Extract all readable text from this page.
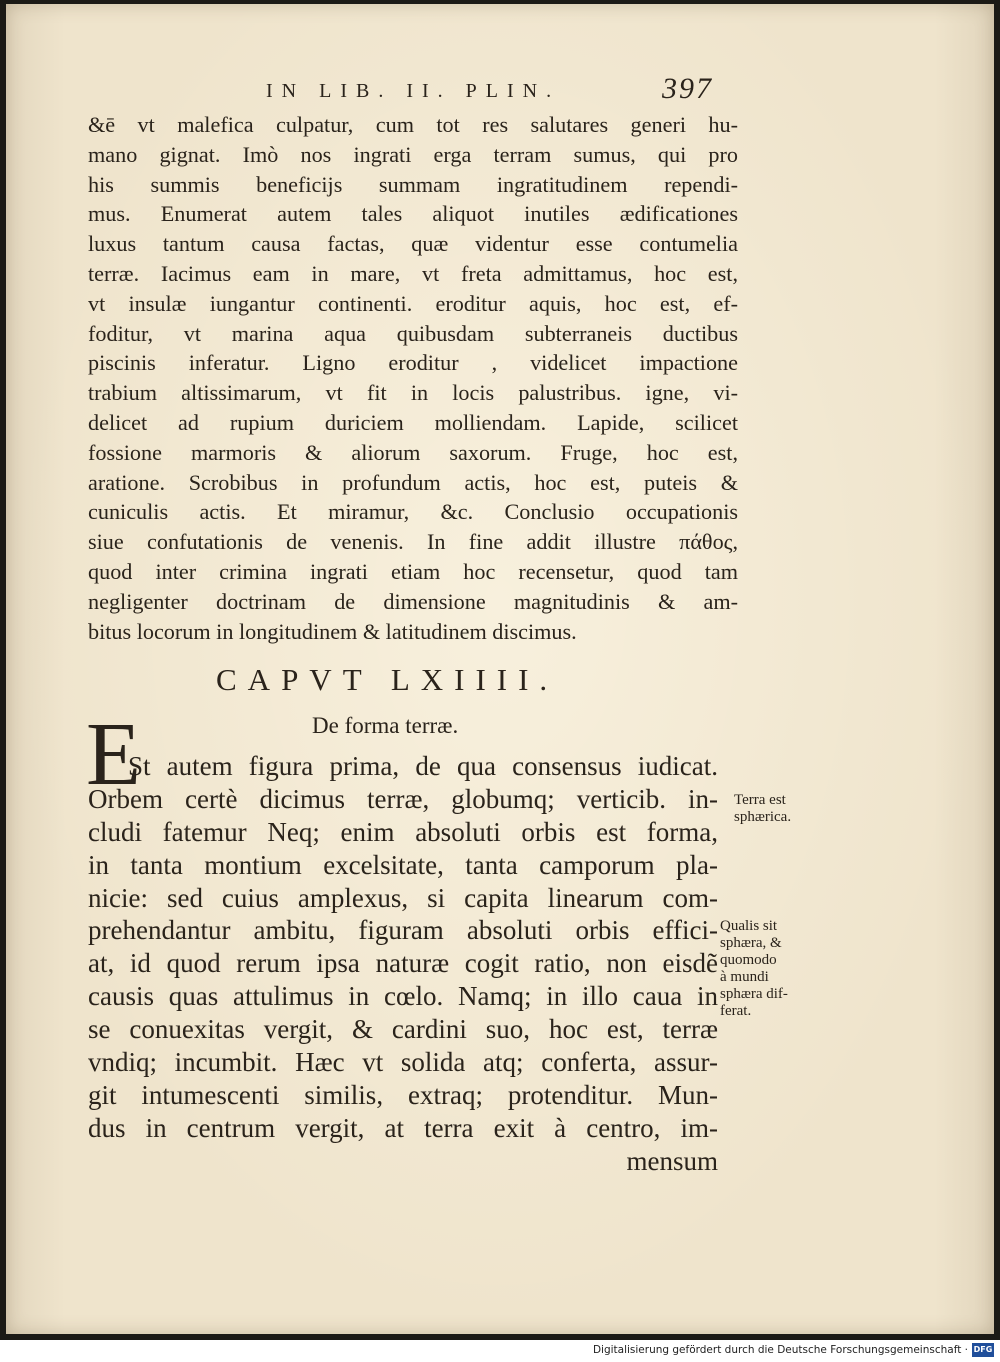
IN LIB. II. PLIN.	397
&ē vt malefica culpatur, cum tot res salutares generi hu-
mano gignat. Imò nos ingrati erga terram sumus, qui pro
his summis beneficijs summam ingratitudinem rependi-
mus. Enumerat autem tales aliquot inutiles ædificationes
luxus tantum causa factas, quæ videntur esse contumelia
terræ. Iacimus eam in mare, vt freta admittamus, hoc est,
vt insulæ iungantur continenti. eroditur aquis, hoc est, ef-
foditur, vt marina aqua quibusdam subterraneis ductibus
piscinis inferatur. Ligno eroditur , videlicet impactione
trabium altissimarum, vt fit in locis palustribus. igne, vi-
delicet ad rupium duriciem molliendam. Lapide, scilicet
fossione marmoris & aliorum saxorum. Fruge, hoc est,
aratione. Scrobibus in profundum actis, hoc est, puteis &
cuniculis actis. Et miramur, &c. Conclusio occupationis
siue confutationis de venenis. In fine addit illustre πάθος,
quod inter crimina ingrati etiam hoc recensetur, quod tam
negligenter doctrinam de dimensione magnitudinis & am-
bitus locorum in longitudinem & latitudinem discimus.
CAPVT LXIIII.
De forma terræ.
E
St autem figura prima, de qua consensus iudicat.
Orbem certè dicimus terræ, globumq; verticib. in-
cludi fatemur Neq; enim absoluti orbis est forma,
in tanta montium excelsitate, tanta camporum pla-
nicie: sed cuius amplexus, si capita linearum com-
prehendantur ambitu, figuram absoluti orbis effici-
at, id quod rerum ipsa naturæ cogit ratio, non eisdẽ
causis quas attulimus in cœlo. Namq; in illo caua in
se conuexitas vergit, & cardini suo, hoc est, terræ
vndiq; incumbit. Hæc vt solida atq; conferta, assur-
git intumescenti similis, extraq; protenditur. Mun-
dus in centrum vergit, at terra exit à centro, im-
mensum
Terra est
sphærica.
Qualis sit
sphæra, &
quomodo
à mundi
sphæra dif-
ferat.
Digitalisierung gefördert durch die Deutsche Forschungsgemeinschaft · DFG
